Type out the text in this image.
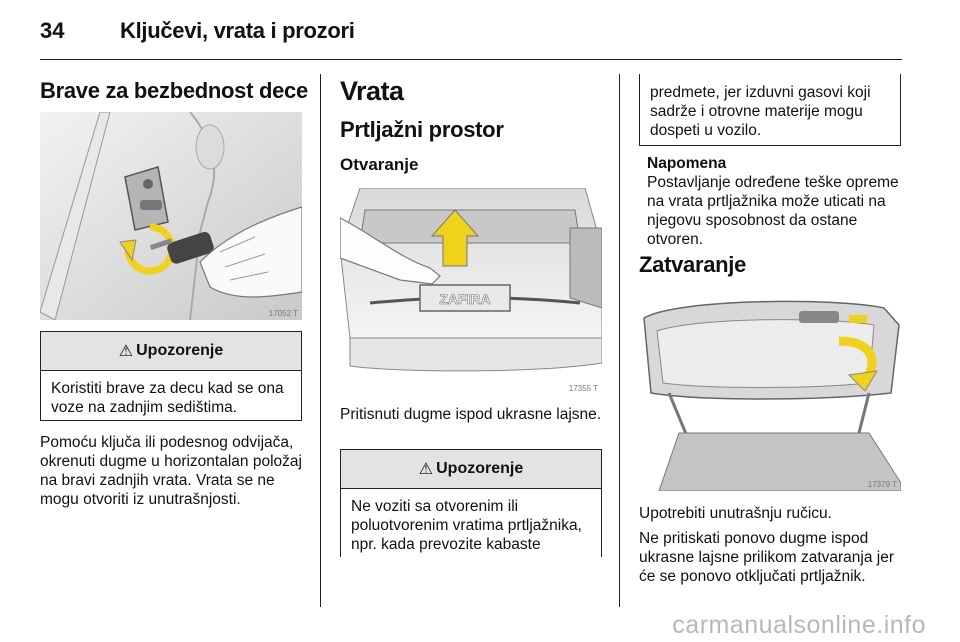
34	Ključevi, vrata i prozori
Brave za bezbednost dece
17052 T
⚠ Upozorenje
Koristiti brave za decu kad se ona voze na zadnjim sedištima.
Pomoću ključa ili podesnog odvijača, okrenuti dugme u horizontalan položaj na bravi zadnjih vrata. Vrata se ne mogu otvoriti iz unutrašnjosti.
Vrata
Prtljažni prostor
Otvaranje
ZAFIRA
17355 T
Pritisnuti dugme ispod ukrasne lajsne.
⚠ Upozorenje
Ne voziti sa otvorenim ili poluotvorenim vratima prtljažnika, npr. kada prevozite kabaste
predmete, jer izduvni gasovi koji sadrže i otrovne materije mogu dospeti u vozilo.
Napomena
Postavljanje određene teške opreme na vrata prtljažnika može uticati na njegovu sposobnost da ostane otvoren.
Zatvaranje
17379 T
Upotrebiti unutrašnju ručicu.
Ne pritiskati ponovo dugme ispod ukrasne lajsne prilikom zatvaranja jer će se ponovo otključati prtljažnik.
carmanualsonline.info
